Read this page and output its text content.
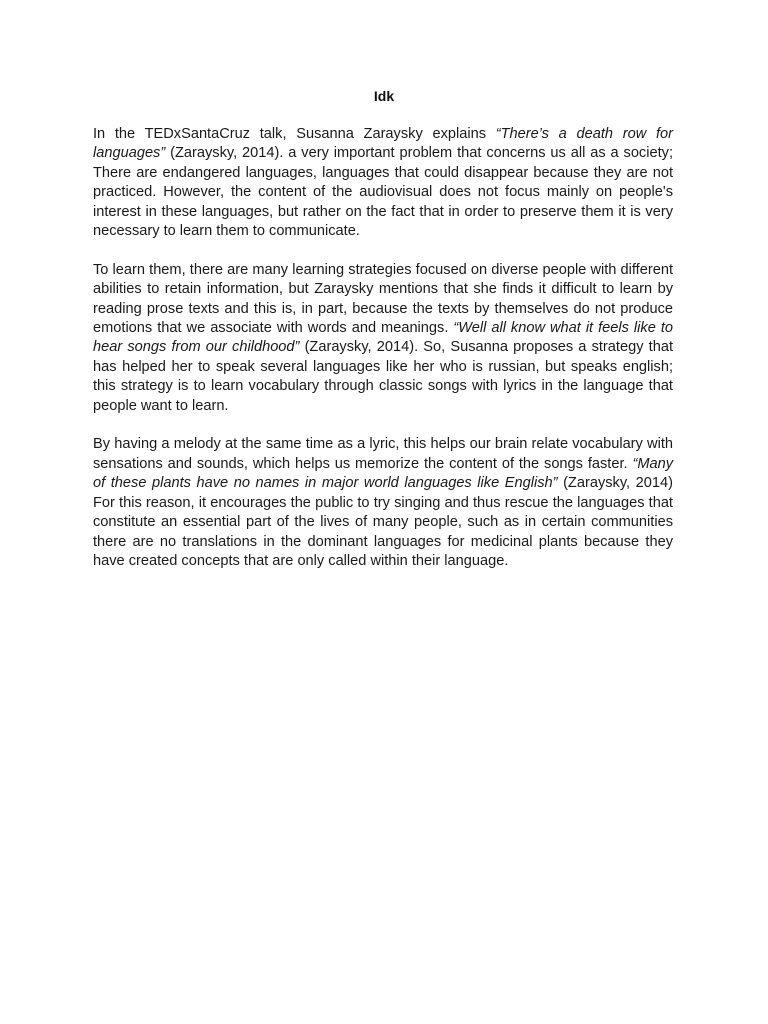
Idk

In the TEDxSantaCruz talk, Susanna Zaraysky explains “There’s a death row for languages” (Zaraysky, 2014). a very important problem that concerns us all as a society; There are endangered languages, languages that could disappear because they are not practiced. However, the content of the audiovisual does not focus mainly on people's interest in these languages, but rather on the fact that in order to preserve them it is very necessary to learn them to communicate.

To learn them, there are many learning strategies focused on diverse people with different abilities to retain information, but Zaraysky mentions that she finds it difficult to learn by reading prose texts and this is, in part, because the texts by themselves do not produce emotions that we associate with words and meanings. “Well all know what it feels like to hear songs from our childhood” (Zaraysky, 2014). So, Susanna proposes a strategy that has helped her to speak several languages like her who is russian, but speaks english; this strategy is to learn vocabulary through classic songs with lyrics in the language that people want to learn.

By having a melody at the same time as a lyric, this helps our brain relate vocabulary with sensations and sounds, which helps us memorize the content of the songs faster. “Many of these plants have no names in major world languages like English” (Zaraysky, 2014) For this reason, it encourages the public to try singing and thus rescue the languages that constitute an essential part of the lives of many people, such as in certain communities there are no translations in the dominant languages for medicinal plants because they have created concepts that are only called within their language.
